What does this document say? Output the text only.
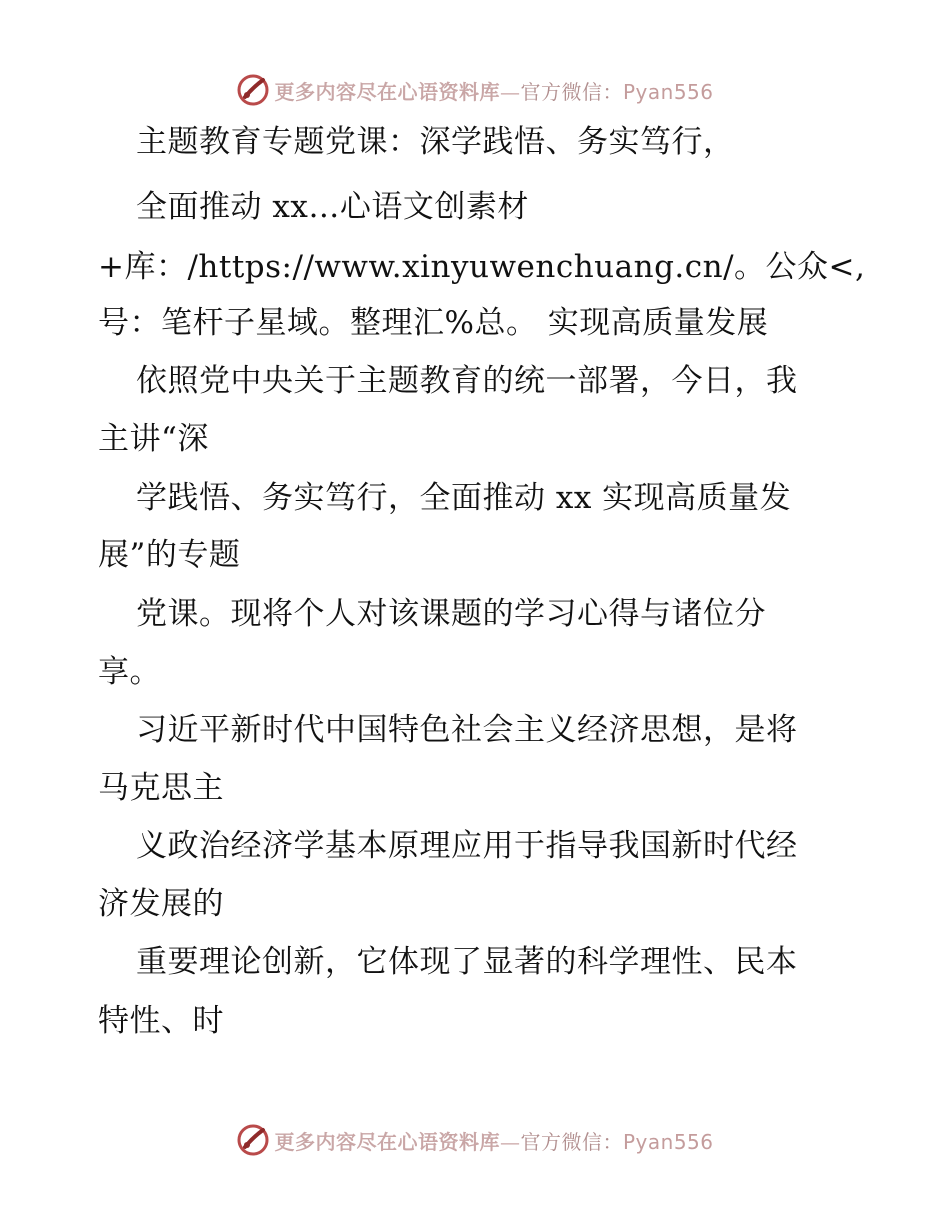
更多内容尽在心语资料库—官方微信：Pyan556
主题教育专题党课：深学践悟、务实笃行，
全面推动 xx…心语文创素材
+库：/https://www.xinyuwenchuang.cn/。公众<,
号：笔杆子星域。整理汇%总。 实现高质量发展
依照党中央关于主题教育的统一部署，今日，我
主讲“深
学践悟、务实笃行，全面推动 xx 实现高质量发
展”的专题
党课。现将个人对该课题的学习心得与诸位分
享。
习近平新时代中国特色社会主义经济思想，是将
马克思主
义政治经济学基本原理应用于指导我国新时代经
济发展的
重要理论创新，它体现了显著的科学理性、民本
特性、时
更多内容尽在心语资料库—官方微信：Pyan556
